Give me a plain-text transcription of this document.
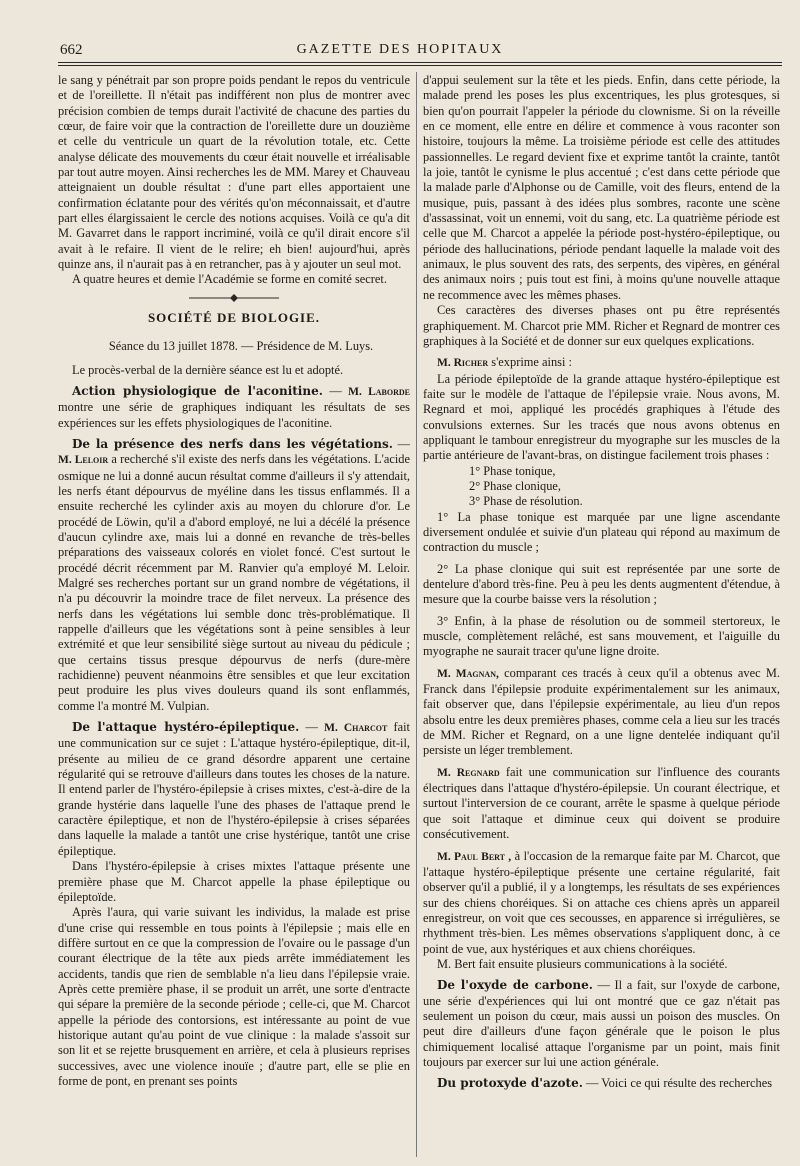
662	GAZETTE DES HOPITAUX

le sang y pénétrait par son propre poids pendant le repos du ventricule et de l'oreillette. Il n'était pas indifférent non plus de montrer avec précision combien de temps durait l'activité de chacune des parties du cœur, de faire voir que la contraction de l'oreillette dure un douzième et celle du ventricule un quart de la révolution totale, etc. Cette analyse délicate des mouvements du cœur était nouvelle et irréalisable par tout autre moyen. Ainsi recherches les de MM. Marey et Chauveau atteignaient un double résultat : d'une part elles apportaient une confirmation éclatante pour des vérités qu'on méconnaissait, et d'autre part elles élargissaient le cercle des notions acquises. Voilà ce qu'a dit M. Gavarret dans le rapport incriminé, voilà ce qu'il dirait encore s'il avait à le refaire. Il vient de le relire; eh bien! aujourd'hui, après quinze ans, il n'aurait pas à en retrancher, pas à y ajouter un seul mot.

A quatre heures et demie l'Académie se forme en comité secret.

SOCIÉTÉ DE BIOLOGIE.

Séance du 13 juillet 1878. — Présidence de M. Luys.

Le procès-verbal de la dernière séance est lu et adopté.

Action physiologique de l'aconitine. — M. Laborde montre une série de graphiques indiquant les résultats de ses expériences sur les effets physiologiques de l'aconitine.

De la présence des nerfs dans les végétations. — M. Leloir a recherché s'il existe des nerfs dans les végétations. L'acide osmique ne lui a donné aucun résultat comme d'ailleurs il s'y attendait, les nerfs étant dépourvus de myéline dans les tissus enflammés. Il a ensuite recherché les cylinder axis au moyen du chlorure d'or. Le procédé de Löwin, qu'il a d'abord employé, ne lui a décélé la présence d'aucun cylindre axe, mais lui a donné en revanche de très-belles préparations des vaisseaux colorés en violet foncé. C'est surtout le procédé décrit récemment par M. Ranvier qu'a employé M. Leloir. Malgré ses recherches portant sur un grand nombre de végétations, il n'a pu découvrir la moindre trace de filet nerveux. La présence des nerfs dans les végétations lui semble donc très-problématique. Il rappelle d'ailleurs que les végétations sont à peine sensibles à leur extrémité et que leur sensibilité siège surtout au niveau du pédicule ; que certains tissus presque dépourvus de nerfs (dure-mère rachidienne) peuvent néanmoins être sensibles et que leur excitation peut produire les plus vives douleurs quand ils sont enflammés, comme l'a montré M. Vulpian.

De l'attaque hystéro-épileptique. — M. Charcot fait une communication sur ce sujet : L'attaque hystéro-épileptique, dit-il, présente au milieu de ce grand désordre apparent une certaine régularité qui se retrouve d'ailleurs dans toutes les choses de la nature. Il entend parler de l'hystéro-épilepsie à crises mixtes, c'est-à-dire de la grande hystérie dans laquelle l'une des phases de l'attaque prend le caractère épileptique, et non de l'hystéro-épilepsie à crises séparées dans laquelle la malade a tantôt une crise hystérique, tantôt une crise épileptique.

Dans l'hystéro-épilepsie à crises mixtes l'attaque présente une première phase que M. Charcot appelle la phase épileptique ou épileptoïde.

Après l'aura, qui varie suivant les individus, la malade est prise d'une crise qui ressemble en tous points à l'épilepsie ; mais elle en diffère surtout en ce que la compression de l'ovaire ou le passage d'un courant électrique de la tête aux pieds arrête immédiatement les accidents, tandis que rien de semblable n'a lieu dans l'épilepsie vraie. Après cette première phase, il se produit un arrêt, une sorte d'entracte qui sépare la première de la seconde période ; celle-ci, que M. Charcot appelle la période des contorsions, est intéressante au point de vue historique autant qu'au point de vue clinique : la malade s'assoit sur son lit et se rejette brusquement en arrière, et cela à plusieurs reprises successives, avec une violence inouïe ; d'autre part, elle se plie en forme de pont, en prenant ses points

d'appui seulement sur la tête et les pieds. Enfin, dans cette période, la malade prend les poses les plus excentriques, les plus grotesques, si bien qu'on pourrait l'appeler la période du clownisme. Si on la réveille en ce moment, elle entre en délire et commence à vous raconter son histoire, toujours la même. La troisième période est celle des attitudes passionnelles. Le regard devient fixe et exprime tantôt la crainte, tantôt la joie, tantôt le cynisme le plus accentué ; c'est dans cette période que la malade parle d'Alphonse ou de Camille, voit des fleurs, entend de la musique, puis, passant à des idées plus sombres, raconte une scène d'assassinat, voit un ennemi, voit du sang, etc. La quatrième période est celle que M. Charcot a appelée la période post-hystéro-épileptique, ou période des hallucinations, période pendant laquelle la malade voit des animaux, le plus souvent des rats, des serpents, des vipères, en général des animaux noirs ; puis tout est fini, à moins qu'une nouvelle attaque ne recommence avec les mêmes phases.

Ces caractères des diverses phases ont pu être représentés graphiquement. M. Charcot prie MM. Richer et Regnard de montrer ces graphiques à la Société et de donner sur eux quelques explications.

M. Richer s'exprime ainsi :

La période épileptoïde de la grande attaque hystéro-épileptique est faite sur le modèle de l'attaque de l'épilepsie vraie. Nous avons, M. Regnard et moi, appliqué les procédés graphiques à l'étude des convulsions externes. Sur les tracés que nous avons obtenus en appliquant le tambour enregistreur du myographe sur les muscles de la partie antérieure de l'avant-bras, on distingue facilement trois phases :

1° Phase tonique,

2° Phase clonique,

3° Phase de résolution.

1° La phase tonique est marquée par une ligne ascendante diversement ondulée et suivie d'un plateau qui répond au maximum de contraction du muscle ;

2° La phase clonique qui suit est représentée par une sorte de dentelure d'abord très-fine. Peu à peu les dents augmentent d'étendue, à mesure que la courbe baisse vers la résolution ;

3° Enfin, à la phase de résolution ou de sommeil stertoreux, le muscle, complètement relâché, est sans mouvement, et l'aiguille du myographe ne saurait tracer qu'une ligne droite.

M. Magnan, comparant ces tracés à ceux qu'il a obtenus avec M. Franck dans l'épilepsie produite expérimentalement sur les animaux, fait observer que, dans l'épilepsie expérimentale, au lieu d'un repos absolu entre les deux premières phases, comme cela a lieu sur les tracés de MM. Richer et Regnard, on a une ligne dentelée indiquant qu'il persiste un léger tremblement.

M. Regnard fait une communication sur l'influence des courants électriques dans l'attaque d'hystéro-épilepsie. Un courant électrique, et surtout l'interversion de ce courant, arrête le spasme à quelque période que soit l'attaque et diminue ceux qui doivent se produire consécutivement.

M. Paul Bert , à l'occasion de la remarque faite par M. Charcot, que l'attaque hystéro-épileptique présente une certaine régularité, fait observer qu'il a publié, il y a longtemps, les résultats de ses expériences sur des chiens choréiques. Si on attache ces chiens après un appareil enregistreur, on voit que ces secousses, en apparence si irrégulières, se rhythment très-bien. Les mêmes observations s'appliquent donc, à ce point de vue, aux hystériques et aux chiens choréiques.

M. Bert fait ensuite plusieurs communications à la société.

De l'oxyde de carbone. — Il a fait, sur l'oxyde de carbone, une série d'expériences qui lui ont montré que ce gaz n'était pas seulement un poison du cœur, mais aussi un poison des muscles. On peut dire d'ailleurs d'une façon générale que le poison le plus chimiquement localisé attaque l'organisme par un point, mais finit toujours par exercer sur lui une action générale.

Du protoxyde d'azote. — Voici ce qui résulte des recherches
